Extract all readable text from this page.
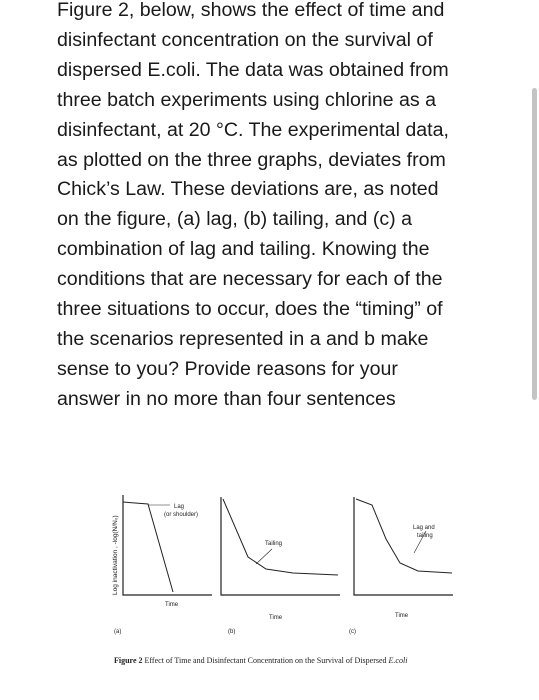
Figure 2, below, shows the effect of time and
disinfectant concentration on the survival of
dispersed E.coli. The data was obtained from
three batch experiments using chlorine as a
disinfectant, at 20 °C. The experimental data,
as plotted on the three graphs, deviates from
Chick’s Law. These deviations are, as noted
on the figure, (a) lag, (b) tailing, and (c) a
combination of lag and tailing. Knowing the
conditions that are necessary for each of the
three situations to occur, does the “timing” of
the scenarios represented in a and b make
sense to you? Provide reasons for your
answer in no more than four sentences
Log inactivation , -log(N/N₀)
Lag
(or shoulder)
Time
(a)
Tailing
Time
(b)
Lag and
tailing
Time
(c)
Figure 2 Effect of Time and Disinfectant Concentration on the Survival of Dispersed E.coli
